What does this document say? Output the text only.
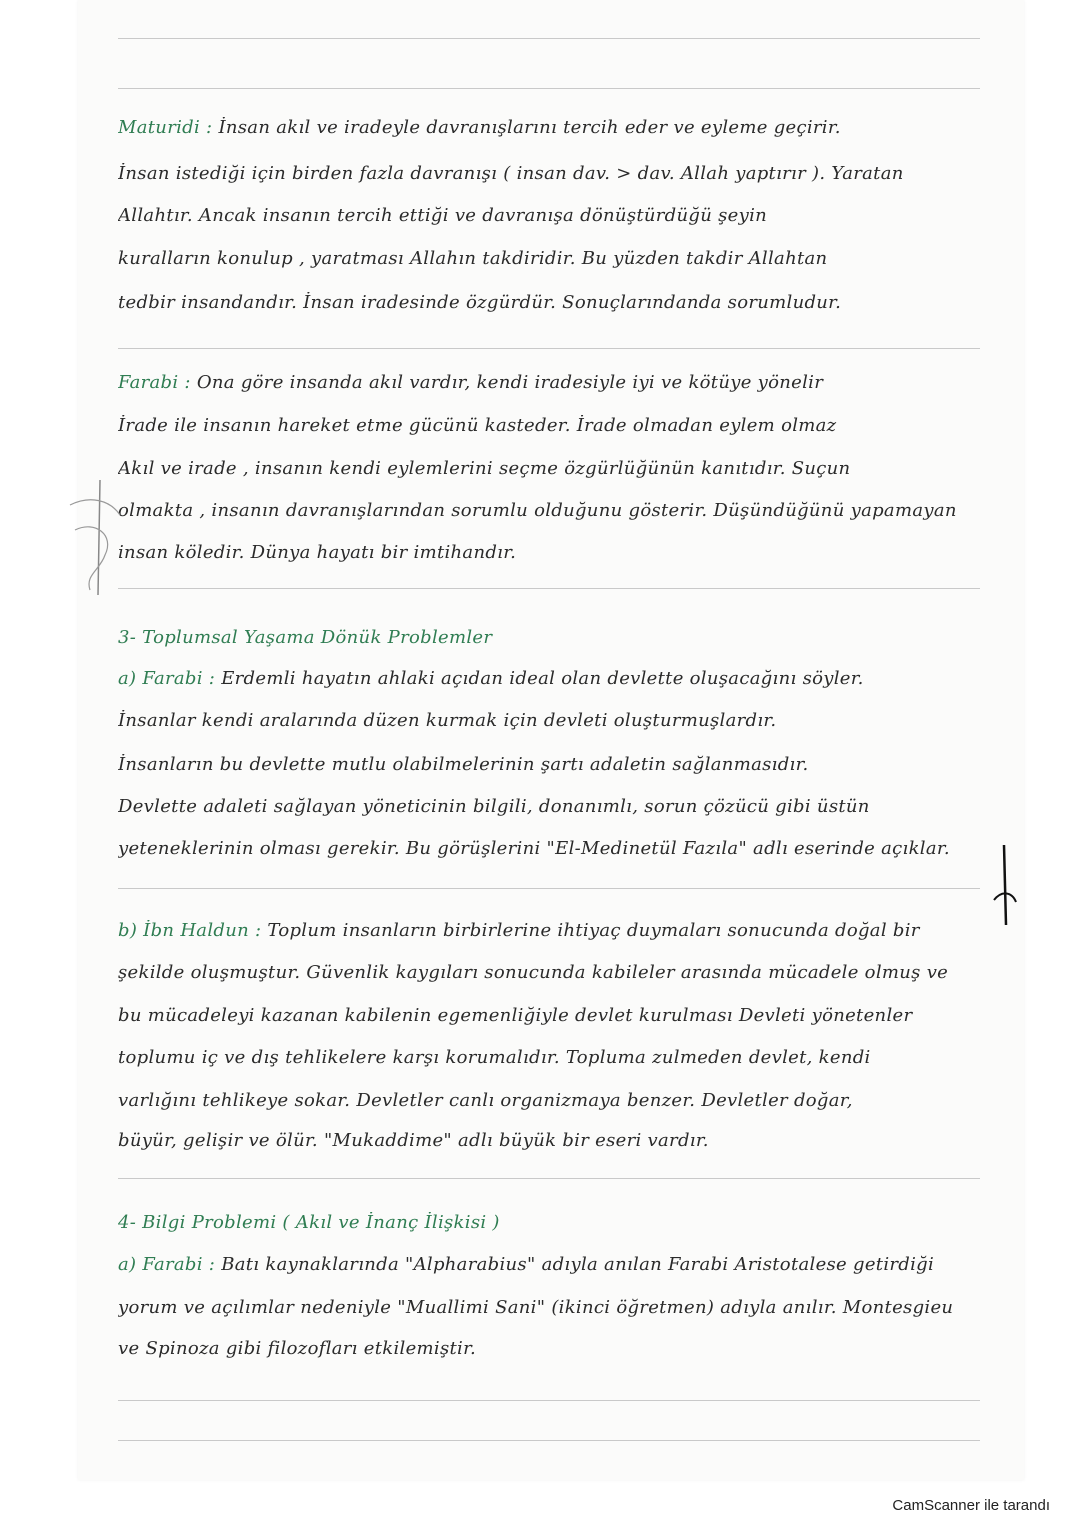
Maturidi : İnsan akıl ve iradeyle davranışlarını tercih eder ve eyleme geçirir.
İnsan istediği için birden fazla davranışı ( insan dav. > dav. Allah yaptırır ). Yaratan
Allahtır. Ancak insanın tercih ettiği ve davranışa dönüştürdüğü şeyin
kuralların konulup , yaratması Allahın takdiridir. Bu yüzden takdir Allahtan
tedbir insandandır. İnsan iradesinde özgürdür. Sonuçlarındanda sorumludur.
Farabi : Ona göre insanda akıl vardır, kendi iradesiyle iyi ve kötüye yönelir
İrade ile insanın hareket etme gücünü kasteder. İrade olmadan eylem olmaz
Akıl ve irade , insanın kendi eylemlerini seçme özgürlüğünün kanıtıdır. Suçun
olmakta , insanın davranışlarından sorumlu olduğunu gösterir. Düşündüğünü yapamayan
insan köledir. Dünya hayatı bir imtihandır.
3- Toplumsal Yaşama Dönük Problemler
a) Farabi : Erdemli hayatın ahlaki açıdan ideal olan devlette oluşacağını söyler.
İnsanlar kendi aralarında düzen kurmak için devleti oluşturmuşlardır.
İnsanların bu devlette mutlu olabilmelerinin şartı adaletin sağlanmasıdır.
Devlette adaleti sağlayan yöneticinin bilgili, donanımlı, sorun çözücü gibi üstün
yeteneklerinin olması gerekir. Bu görüşlerini "El-Medinetül Fazıla" adlı eserinde açıklar.
b) İbn Haldun : Toplum insanların birbirlerine ihtiyaç duymaları sonucunda doğal bir
şekilde oluşmuştur. Güvenlik kaygıları sonucunda kabileler arasında mücadele olmuş ve
bu mücadeleyi kazanan kabilenin egemenliğiyle devlet kurulması Devleti yönetenler
toplumu iç ve dış tehlikelere karşı korumalıdır. Topluma zulmeden devlet, kendi
varlığını tehlikeye sokar. Devletler canlı organizmaya benzer. Devletler doğar,
büyür, gelişir ve ölür. "Mukaddime" adlı büyük bir eseri vardır.
4- Bilgi Problemi ( Akıl ve İnanç İlişkisi )
a) Farabi : Batı kaynaklarında "Alpharabius" adıyla anılan Farabi Aristotalese getirdiği
yorum ve açılımlar nedeniyle "Muallimi Sani" (ikinci öğretmen) adıyla anılır. Montesgieu
ve Spinoza gibi filozofları etkilemiştir.
CamScanner ile tarandı
